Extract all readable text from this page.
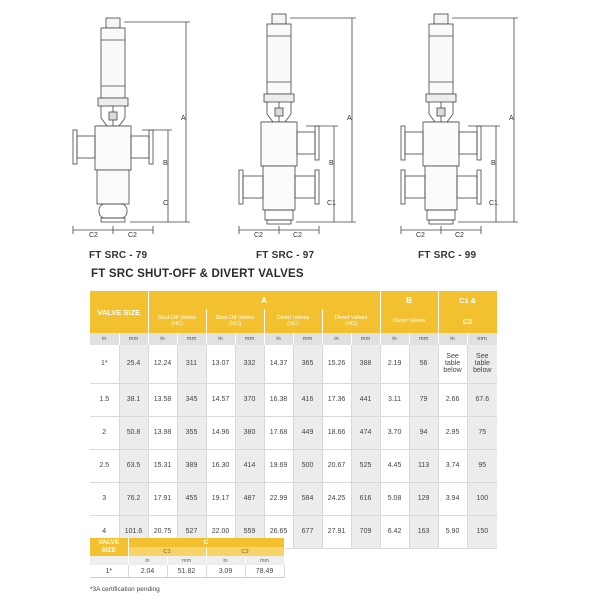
A
B
C
C2	C2
A
B
C1
C2	C2
A
B
C1
C2	C2
FT SRC - 79	FT SRC - 97	FT SRC - 99
FT SRC SHUT-OFF & DIVERT VALVES
VALVE SIZE		A								B		C1 &	
		Shut-Off Valves
(NC)		Shut-Off Valves
(NO)		Divert Valves
(NC)		Divert Valves
(NO)		Divert Valves		C2	
in	mm	in	mm	in	mm	in	mm	in	mm	in	mm	in	mm
1*	25.4	12.24	311	13.07	332	14.37	365	15.26	388	2.19	56	See table below	See table below
1.5	38.1	13.58	345	14.57	370	16.38	416	17.36	441	3.11	79	2.66	67.6
2	50.8	13.98	355	14.96	380	17.68	449	18.66	474	3.70	94	2.95	75
2.5	63.5	15.31	389	16.30	414	19.69	500	20.67	525	4.45	113	3.74	95
3	76.2	17.91	455	19.17	487	22.99	584	24.25	616	5.08	129	3.94	100
4	101.6	20.75	527	22.00	559	26.65	677	27.91	709	6.42	163	5.90	150
VALVE
SIZE	C			
	C1		C2	
	in	mm	in	mm
1*	2.04	51.82	3.09	78.49
*3A certification pending
